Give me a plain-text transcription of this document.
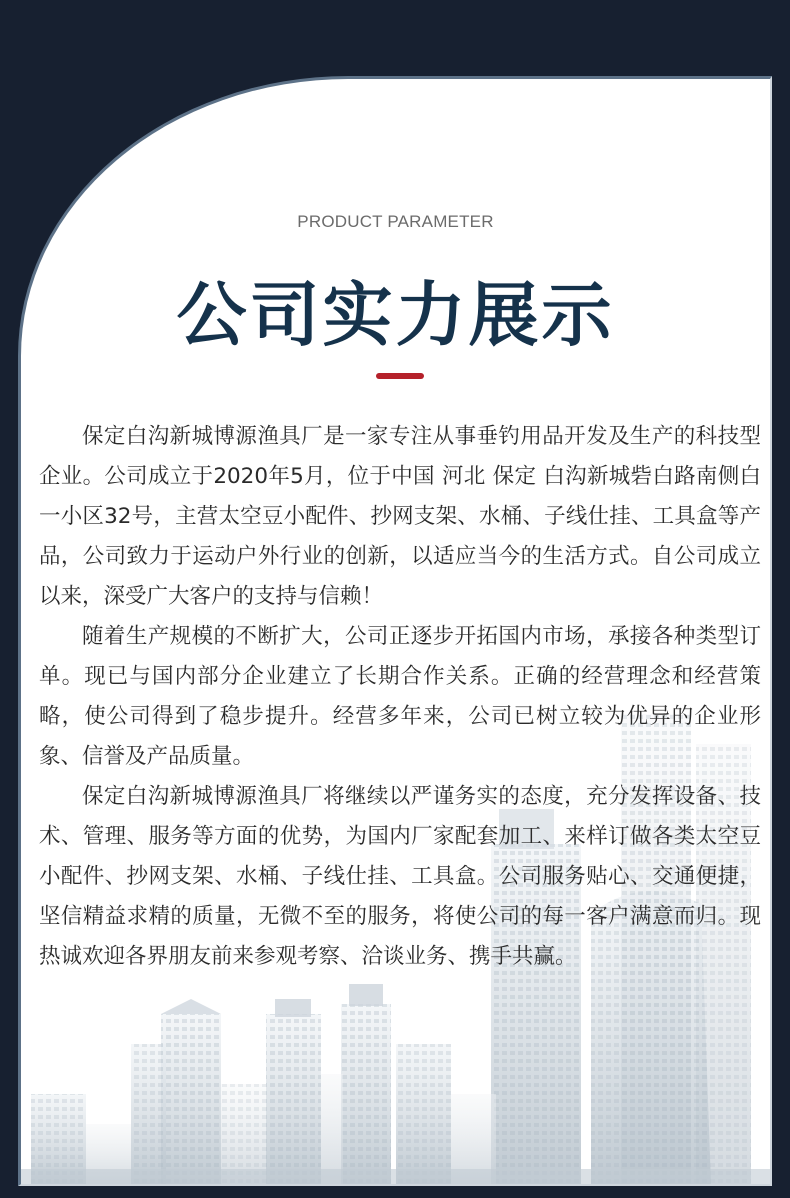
PRODUCT PARAMETER
公司实力展示

保定白沟新城博源渔具厂是一家专注从事垂钓用品开发及生产的科技型企业。公司成立于2020年5月，位于中国 河北 保定 白沟新城砦白路南侧白一小区32号，主营太空豆小配件、抄网支架、水桶、子线仕挂、工具盒等产品，公司致力于运动户外行业的创新，以适应当今的生活方式。自公司成立以来，深受广大客户的支持与信赖！

随着生产规模的不断扩大，公司正逐步开拓国内市场，承接各种类型订单。现已与国内部分企业建立了长期合作关系。正确的经营理念和经营策略，使公司得到了稳步提升。经营多年来，公司已树立较为优异的企业形象、信誉及产品质量。

保定白沟新城博源渔具厂将继续以严谨务实的态度，充分发挥设备、技术、管理、服务等方面的优势，为国内厂家配套加工、来样订做各类太空豆小配件、抄网支架、水桶、子线仕挂、工具盒。公司服务贴心、交通便捷，坚信精益求精的质量，无微不至的服务，将使公司的每一客户满意而归。现热诚欢迎各界朋友前来参观考察、洽谈业务、携手共赢。
